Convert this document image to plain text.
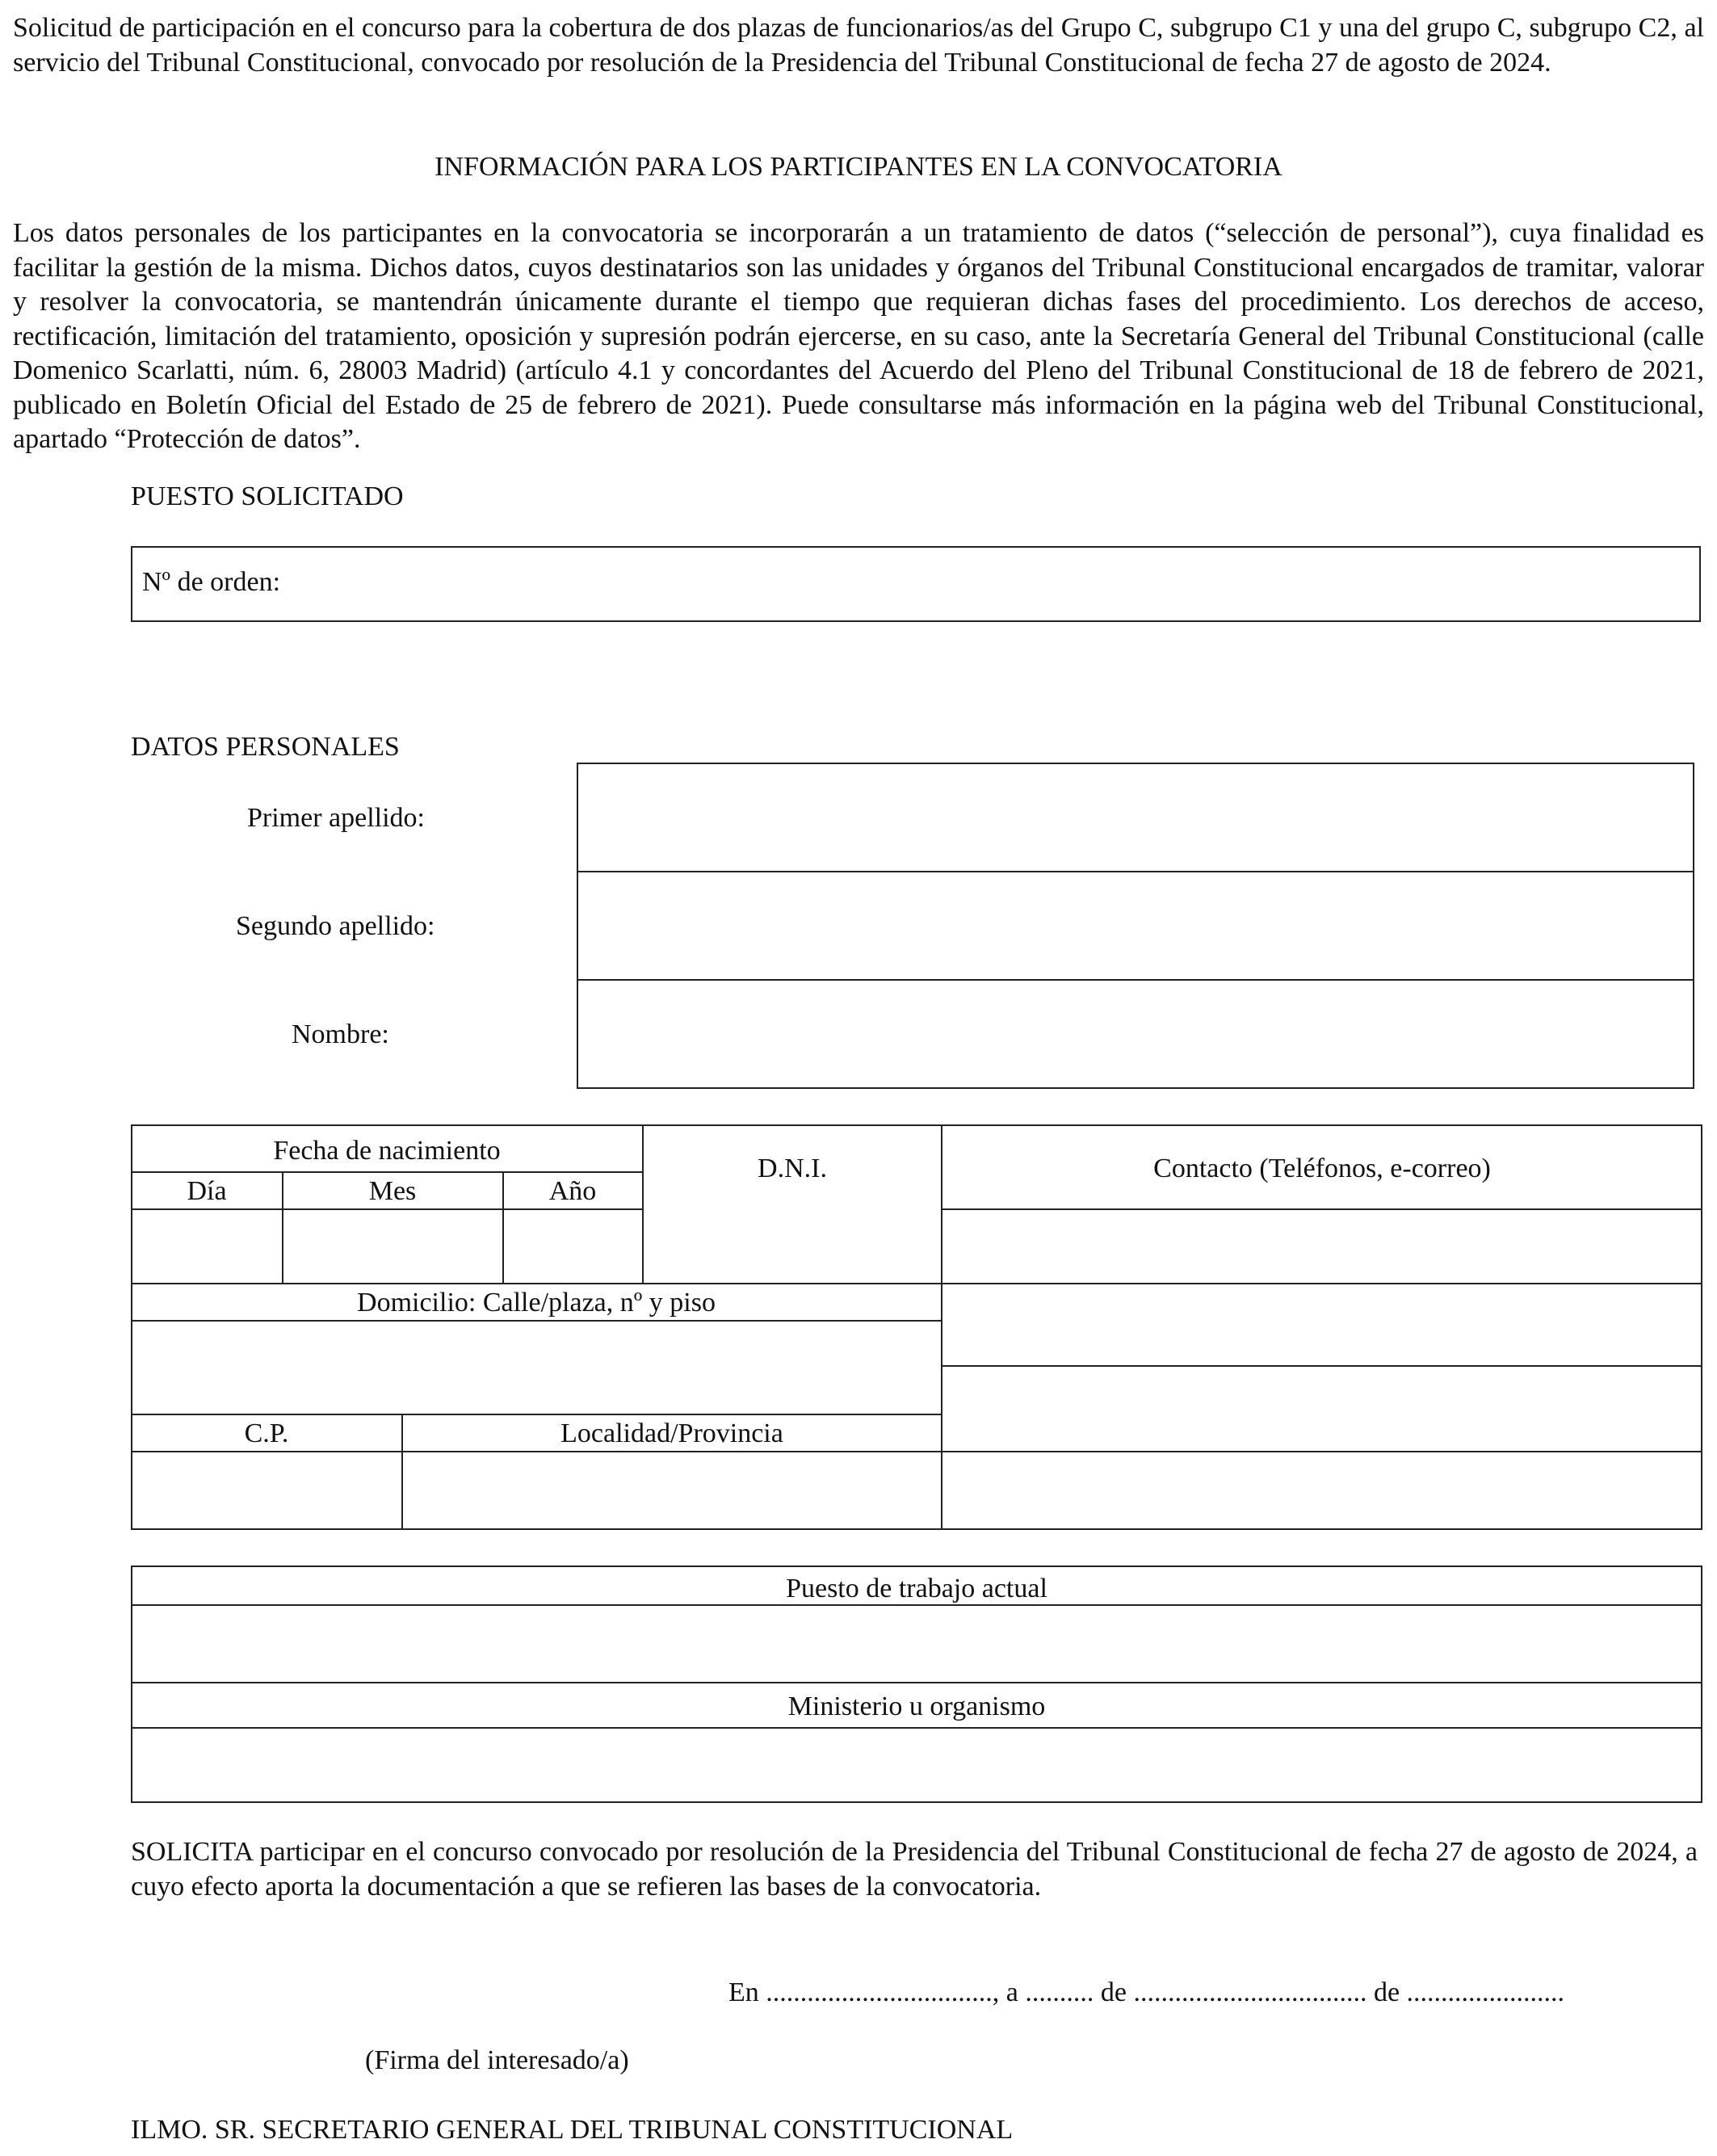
Solicitud de participación en el concurso para la cobertura de dos plazas de funcionarios/as del Grupo C, subgrupo C1 y una del grupo C, subgrupo C2, al servicio del Tribunal Constitucional, convocado por resolución de la Presidencia del Tribunal Constitucional de fecha 27 de agosto de 2024.

INFORMACIÓN PARA LOS PARTICIPANTES EN LA CONVOCATORIA

Los datos personales de los participantes en la convocatoria se incorporarán a un tratamiento de datos (“selección de personal”), cuya finalidad es facilitar la gestión de la misma. Dichos datos, cuyos destinatarios son las unidades y órganos del Tribunal Constitucional encargados de tramitar, valorar y resolver la convocatoria, se mantendrán únicamente durante el tiempo que requieran dichas fases del procedimiento. Los derechos de acceso, rectificación, limitación del tratamiento, oposición y supresión podrán ejercerse, en su caso, ante la Secretaría General del Tribunal Constitucional (calle Domenico Scarlatti, núm. 6, 28003 Madrid) (artículo 4.1 y concordantes del Acuerdo del Pleno del Tribunal Constitucional de 18 de febrero de 2021, publicado en Boletín Oficial del Estado de 25 de febrero de 2021). Puede consultarse más información en la página web del Tribunal Constitucional, apartado “Protección de datos”.

PUESTO SOLICITADO

Nº de orden:

DATOS PERSONALES

Primer apellido:
Segundo apellido:
Nombre:
Fecha de nacimiento
Día	Mes	Año
D.N.I.	Contacto (Teléfonos, e-correo)
Domicilio: Calle/plaza, nº y piso
C.P.	Localidad/Provincia
Puesto de trabajo actual
Ministerio u organismo

SOLICITA participar en el concurso convocado por resolución de la Presidencia del Tribunal Constitucional de fecha 27 de agosto de 2024, a cuyo efecto aporta la documentación a que se refieren las bases de la convocatoria.

En ................................., a .......... de .................................. de .......................
(Firma del interesado/a)
ILMO. SR. SECRETARIO GENERAL DEL TRIBUNAL CONSTITUCIONAL
